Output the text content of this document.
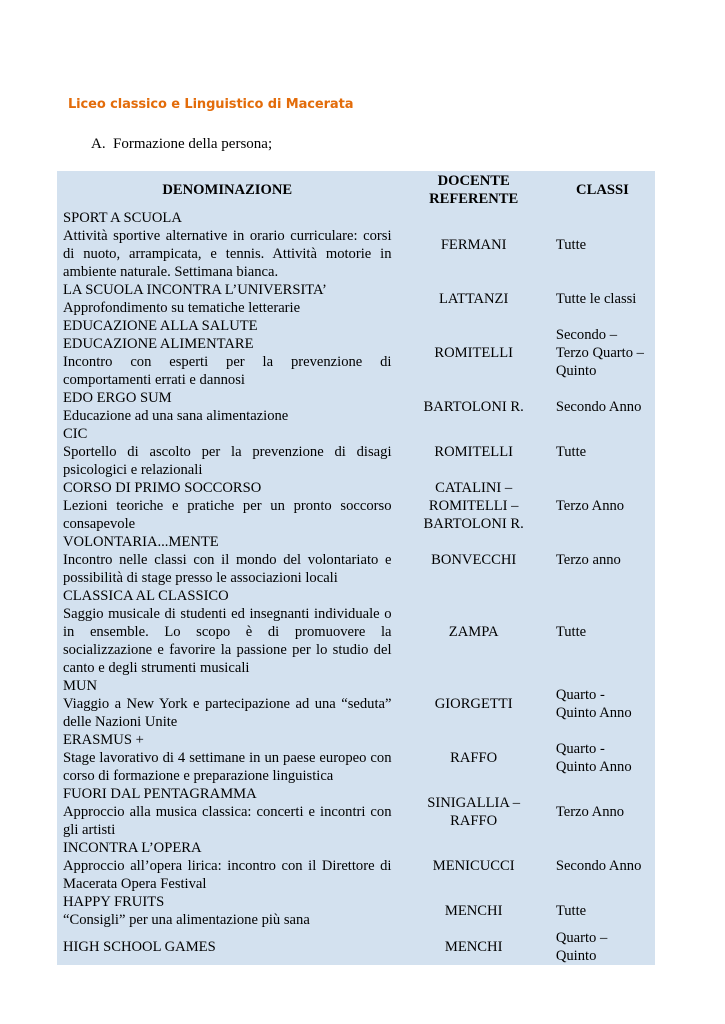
Liceo classico e Linguistico di Macerata
A. Formazione della persona;
DENOMINAZIONE	DOCENTE REFERENTE	CLASSI

SPORT A SCUOLA
Attività sportive alternative in orario curriculare: corsi di nuoto, arrampicata, e tennis. Attività motorie in ambiente naturale. Settimana bianca.	FERMANI	Tutte

LA SCUOLA INCONTRA L’UNIVERSITA’
Approfondimento su tematiche letterarie	LATTANZI	Tutte le classi

EDUCAZIONE ALLA SALUTE
EDUCAZIONE ALIMENTARE
Incontro con esperti per la prevenzione di comportamenti errati e dannosi	ROMITELLI	Secondo – Terzo Quarto – Quinto

EDO ERGO SUM
Educazione ad una sana alimentazione	BARTOLONI R.	Secondo Anno

CIC
Sportello di ascolto per la prevenzione di disagi psicologici e relazionali	ROMITELLI	Tutte

CORSO DI PRIMO SOCCORSO
Lezioni teoriche e pratiche per un pronto soccorso consapevole	CATALINI – ROMITELLI – BARTOLONI R.	Terzo Anno

VOLONTARIA...MENTE
Incontro nelle classi con il mondo del volontariato e possibilità di stage presso le associazioni locali	BONVECCHI	Terzo anno

CLASSICA AL CLASSICO
Saggio musicale di studenti ed insegnanti individuale o in ensemble. Lo scopo è di promuovere la socializzazione e favorire la passione per lo studio del canto e degli strumenti musicali	ZAMPA	Tutte

MUN
Viaggio a New York e partecipazione ad una “seduta” delle Nazioni Unite	GIORGETTI	Quarto - Quinto Anno

ERASMUS +
Stage lavorativo di 4 settimane in un paese europeo con corso di formazione e preparazione linguistica	RAFFO	Quarto - Quinto Anno

FUORI DAL PENTAGRAMMA
Approccio alla musica classica: concerti e incontri con gli artisti	SINIGALLIA – RAFFO	Terzo Anno

INCONTRA L’OPERA
Approccio all’opera lirica: incontro con il Direttore di Macerata Opera Festival	MENICUCCI	Secondo Anno

HAPPY FRUITS
“Consigli” per una alimentazione più sana	MENCHI	Tutte

HIGH SCHOOL GAMES	MENCHI	Quarto – Quinto
